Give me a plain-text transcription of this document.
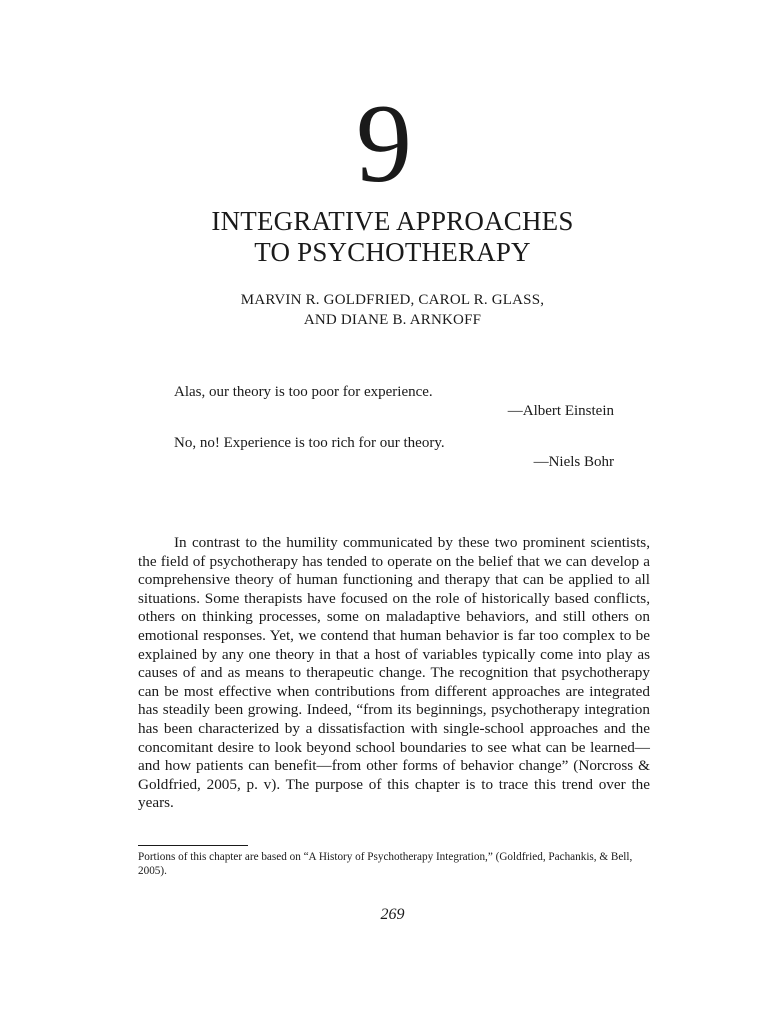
9
INTEGRATIVE APPROACHES
TO PSYCHOTHERAPY
MARVIN R. GOLDFRIED, CAROL R. GLASS,
AND DIANE B. ARNKOFF
Alas, our theory is too poor for experience.
—Albert Einstein
No, no! Experience is too rich for our theory.
—Niels Bohr

In contrast to the humility communicated by these two prominent scientists, the field of psychotherapy has tended to operate on the belief that we can develop a comprehensive theory of human functioning and therapy that can be applied to all situations. Some therapists have focused on the role of historically based conflicts, others on thinking processes, some on maladaptive behaviors, and still others on emotional responses. Yet, we contend that human behavior is far too complex to be explained by any one theory in that a host of variables typically come into play as causes of and as means to therapeutic change. The recognition that psychotherapy can be most effective when contributions from different approaches are integrated has steadily been growing. Indeed, “from its beginnings, psychotherapy integration has been characterized by a dissatisfaction with single-school approaches and the concomitant desire to look beyond school boundaries to see what can be learned—and how patients can benefit—from other forms of behavior change” (Norcross & Goldfried, 2005, p. v). The purpose of this chapter is to trace this trend over the years.

Portions of this chapter are based on “A History of Psychotherapy Integration,” (Goldfried, Pachankis, & Bell, 2005).

269
